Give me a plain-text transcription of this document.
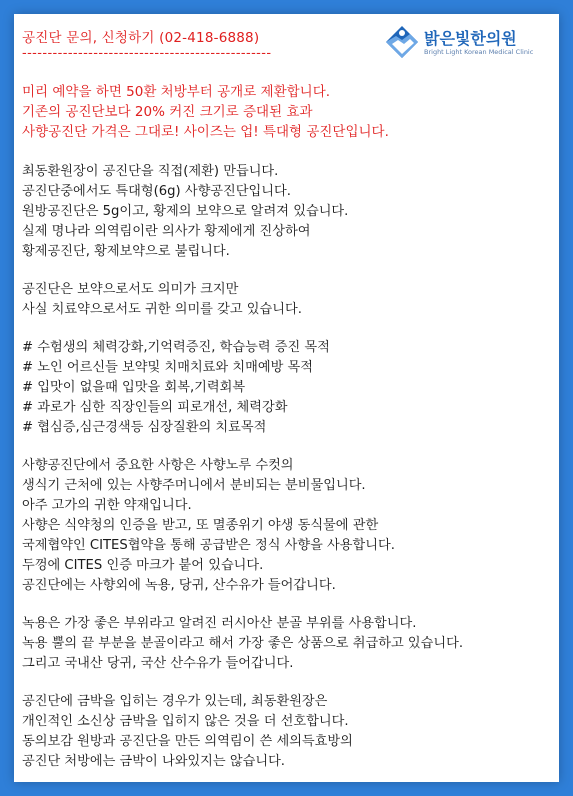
공진단 문의, 신청하기 (02-418-6888)
-------------------------------------------------
밝은빛한의원
Bright Light Korean Medical Clinic
미리 예약을 하면 50환 처방부터 공개로 제환합니다.
기존의 공진단보다 20% 커진 크기로 증대된 효과
사향공진단 가격은 그대로! 사이즈는 업! 특대형 공진단입니다.
최동환원장이 공진단을 직접(제환) 만듭니다.
공진단중에서도 특대형(6g) 사향공진단입니다.
원방공진단은 5g이고, 황제의 보약으로 알려져 있습니다.
실제 명나라 의역림이란 의사가 황제에게 진상하여
황제공진단, 황제보약으로 불립니다.
공진단은 보약으로서도 의미가 크지만
사실 치료약으로서도 귀한 의미를 갖고 있습니다.
# 수험생의 체력강화,기억력증진, 학습능력 증진 목적
# 노인 어르신들 보약및 치매치료와 치매예방 목적
# 입맛이 없을때 입맛을 회복,기력회복
# 과로가 심한 직장인들의 피로개선, 체력강화
# 협심증,심근경색등 심장질환의 치료목적
사향공진단에서 중요한 사항은 사향노루 수컷의
생식기 근처에 있는 사향주머니에서 분비되는 분비물입니다.
아주 고가의 귀한 약재입니다.
사향은 식약청의 인증을 받고, 또 멸종위기 야생 동식물에 관한
국제협약인 CITES협약을 통해 공급받은 정식 사향을 사용합니다.
두껑에 CITES 인증 마크가 붙어 있습니다.
공진단에는 사향외에 녹용, 당귀, 산수유가 들어갑니다.
녹용은 가장 좋은 부위라고 알려진 러시아산 분골 부위를 사용합니다.
녹용 뿔의 끝 부분을 분골이라고 해서 가장 좋은 상품으로 취급하고 있습니다.
그리고 국내산 당귀, 국산 산수유가 들어갑니다.
공진단에 금박을 입히는 경우가 있는데, 최동환원장은
개인적인 소신상 금박을 입히지 않은 것을 더 선호합니다.
동의보감 원방과 공진단을 만든 의역림이 쓴 세의득효방의
공진단 처방에는 금박이 나와있지는 않습니다.
